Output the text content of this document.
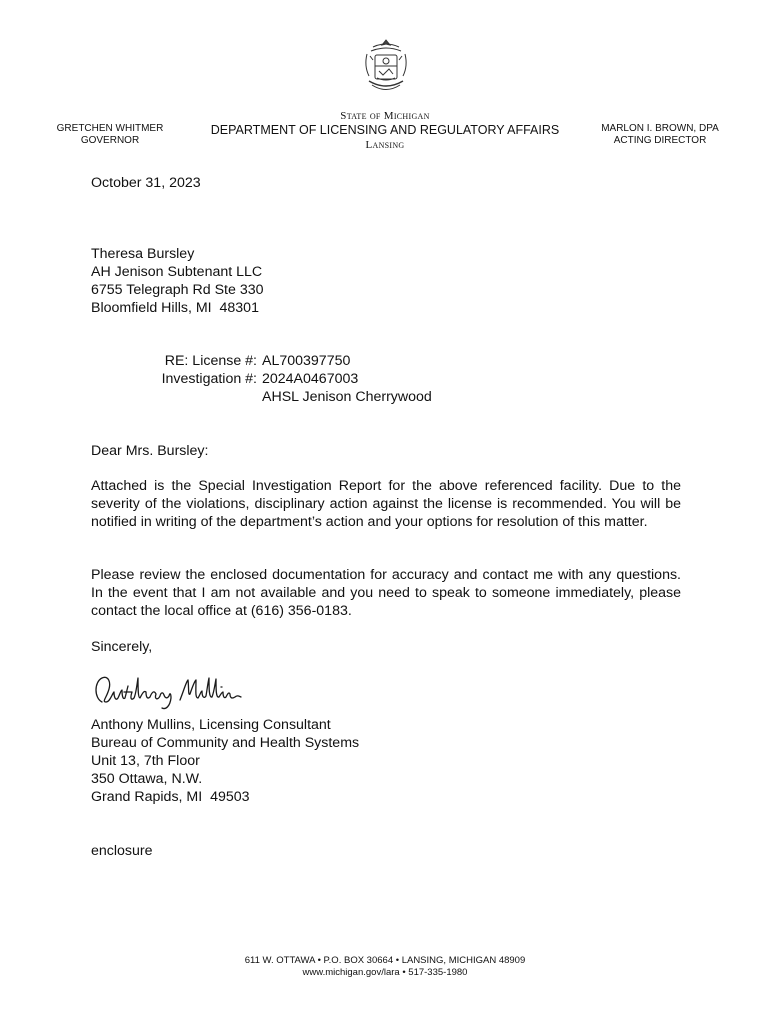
GRETCHEN WHITMER
GOVERNOR
State of Michigan
DEPARTMENT OF LICENSING AND REGULATORY AFFAIRS
Lansing
MARLON I. BROWN, DPA
ACTING DIRECTOR
October 31, 2023
Theresa Bursley
AH Jenison Subtenant LLC
6755 Telegraph Rd Ste 330
Bloomfield Hills, MI  48301
RE: License #:
Investigation #:
AL700397750
2024A0467003
AHSL Jenison Cherrywood
Dear Mrs. Bursley:
Attached is the Special Investigation Report for the above referenced facility. Due to the severity of the violations, disciplinary action against the license is recommended. You will be notified in writing of the department’s action and your options for resolution of this matter.
Please review the enclosed documentation for accuracy and contact me with any questions. In the event that I am not available and you need to speak to someone immediately, please contact the local office at (616) 356-0183.
Sincerely,
Anthony Mullins, Licensing Consultant
Bureau of Community and Health Systems
Unit 13, 7th Floor
350 Ottawa, N.W.
Grand Rapids, MI  49503
enclosure
611 W. OTTAWA • P.O. BOX 30664 • LANSING, MICHIGAN 48909
www.michigan.gov/lara • 517-335-1980
